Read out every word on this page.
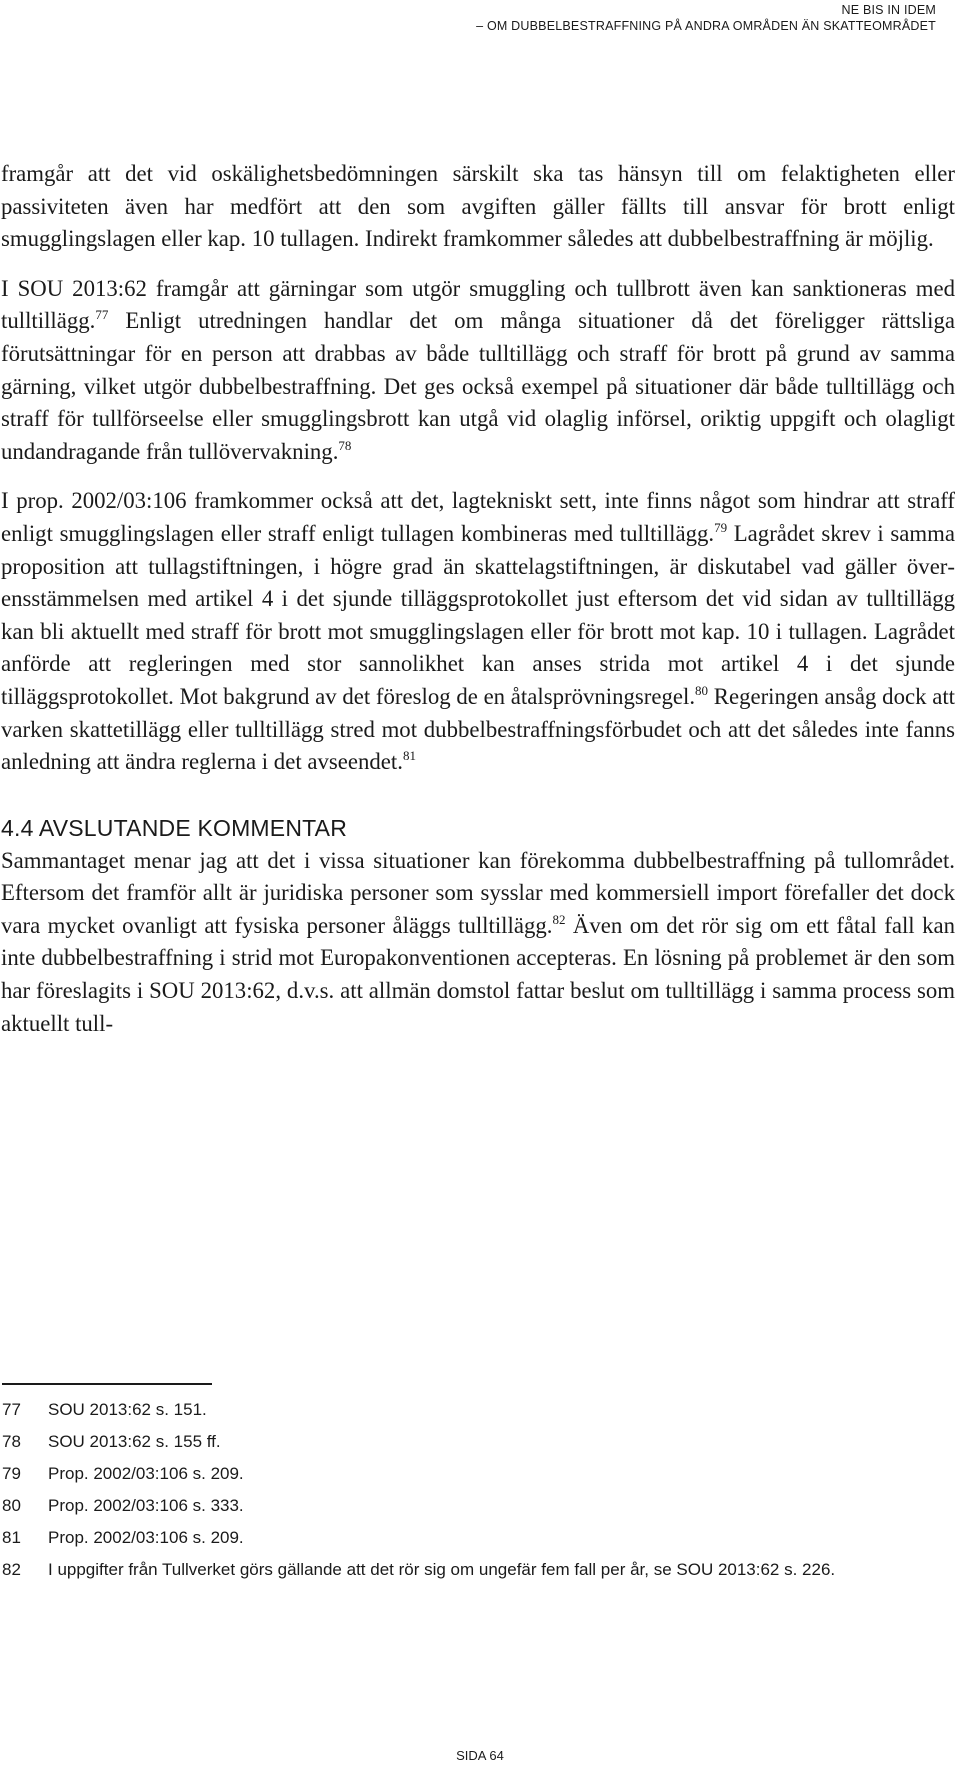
NE BIS IN IDEM
– OM DUBBELBESTRAFFNING PÅ ANDRA OMRÅDEN ÄN SKATTEOMRÅDET

framgår att det vid oskälighetsbedömningen särskilt ska tas hänsyn till om felaktigheten eller passiviteten även har medfört att den som avgiften gäller fällts till ansvar för brott enligt smugglingslagen eller kap. 10 tullagen. Indirekt framkommer således att dubbelbestraffning är möjlig.

I SOU 2013:62 framgår att gärningar som utgör smuggling och tullbrott även kan sanktioneras med tulltillägg.$^{77}$ Enligt utredningen handlar det om många situationer då det föreligger rättsliga förutsättningar för en person att drabbas av både tulltillägg och straff för brott på grund av samma gärning, vilket utgör dubbelbestraffning. Det ges också exempel på situationer där både tulltillägg och straff för tullförseelse eller smugglingsbrott kan utgå vid olaglig införsel, oriktig uppgift och olagligt undandragande från tullövervakning.$^{78}$

I prop. 2002/03:106 framkommer också att det, lagtekniskt sett, inte finns något som hindrar att straff enligt smugglingslagen eller straff enligt tullagen kombineras med tulltillägg.$^{79}$ Lagrådet skrev i samma proposition att tullagstiftningen, i högre grad än skattelagstiftningen, är diskutabel vad gäller överensstämmelsen med artikel 4 i det sjunde tilläggsprotokollet just eftersom det vid sidan av tulltillägg kan bli aktuellt med straff för brott mot smugglingslagen eller för brott mot kap. 10 i tullagen. Lagrådet anförde att regleringen med stor sannolikhet kan anses strida mot artikel 4 i det sjunde tilläggsprotokollet. Mot bakgrund av det föreslog de en åtalsprövningsregel.$^{80}$ Regeringen ansåg dock att varken skattetillägg eller tulltillägg stred mot dubbelbestraffningsförbudet och att det således inte fanns anledning att ändra reglerna i det avseendet.$^{81}$

4.4 AVSLUTANDE KOMMENTAR

Sammantaget menar jag att det i vissa situationer kan förekomma dubbelbestraffning på tullområdet. Eftersom det framför allt är juridiska personer som sysslar med kommersiell import förefaller det dock vara mycket ovanligt att fysiska personer åläggs tulltillägg.$^{82}$ Även om det rör sig om ett fåtal fall kan inte dubbelbestraffning i strid mot Europakonventionen accepteras. En lösning på problemet är den som har föreslagits i SOU 2013:62, d.v.s. att allmän domstol fattar beslut om tulltillägg i samma process som aktuellt tull-

77	SOU 2013:62 s. 151.
78	SOU 2013:62 s. 155 ff.
79	Prop. 2002/03:106 s. 209.
80	Prop. 2002/03:106 s. 333.
81	Prop. 2002/03:106 s. 209.
82 I uppgifter från Tullverket görs gällande att det rör sig om ungefär fem fall per år, se SOU 2013:62 s. 226.
SIDA 64
